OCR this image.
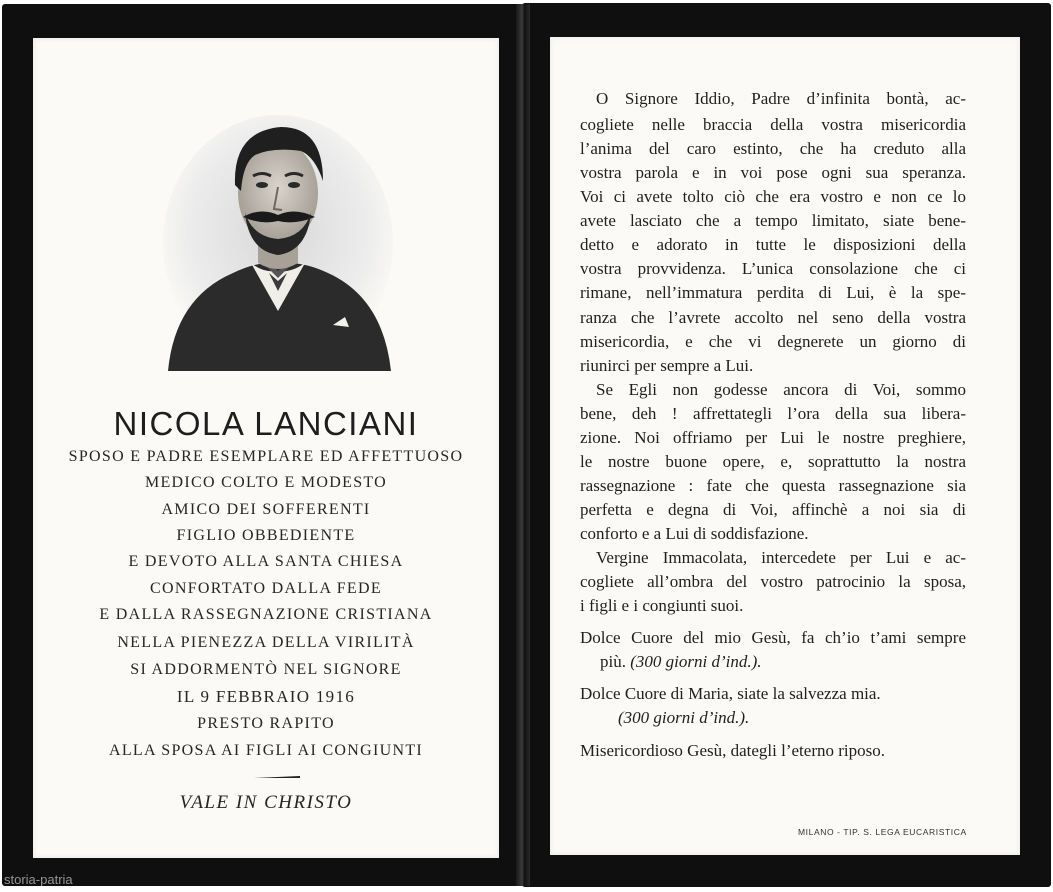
NICOLA LANCIANI
SPOSO E PADRE ESEMPLARE ED AFFETTUOSO
MEDICO COLTO E MODESTO
AMICO DEI SOFFERENTI
FIGLIO OBBEDIENTE
E DEVOTO ALLA SANTA CHIESA
CONFORTATO DALLA FEDE
E DALLA RASSEGNAZIONE CRISTIANA
NELLA PIENEZZA DELLA VIRILITÀ
SI ADDORMENTÒ NEL SIGNORE
IL 9 FEBBRAIO 1916
PRESTO RAPITO
ALLA SPOSA AI FIGLI AI CONGIUNTI
VALE IN CHRISTO
O Signore Iddio, Padre d’infinita bontà, ac-
cogliete nelle braccia della vostra misericordia
l’anima del caro estinto, che ha creduto alla
vostra parola e in voi pose ogni sua speranza.
Voi ci avete tolto ciò che era vostro e non ce lo
avete lasciato che a tempo limitato, siate bene-
detto e adorato in tutte le disposizioni della
vostra provvidenza. L’unica consolazione che ci
rimane, nell’immatura perdita di Lui, è la spe-
ranza che l’avrete accolto nel seno della vostra
misericordia, e che vi degnerete un giorno di
riunirci per sempre a Lui.
Se Egli non godesse ancora di Voi, sommo
bene, deh ! affrettategli l’ora della sua libera-
zione. Noi offriamo per Lui le nostre preghiere,
le nostre buone opere, e, soprattutto la nostra
rassegnazione : fate che questa rassegnazione sia
perfetta e degna di Voi, affinchè a noi sia di
conforto e a Lui di soddisfazione.
Vergine Immacolata, intercedete per Lui e ac-
cogliete all’ombra del vostro patrocinio la sposa,
i figli e i congiunti suoi.
Dolce Cuore del mio Gesù, fa ch’io t’ami sempre
più. (300 giorni d’ind.).
Dolce Cuore di Maria, siate la salvezza mia.
(300 giorni d’ind.).
Misericordioso Gesù, dategli l’eterno riposo.
MILANO - TIP. S. LEGA EUCARISTICA
storia-patria
